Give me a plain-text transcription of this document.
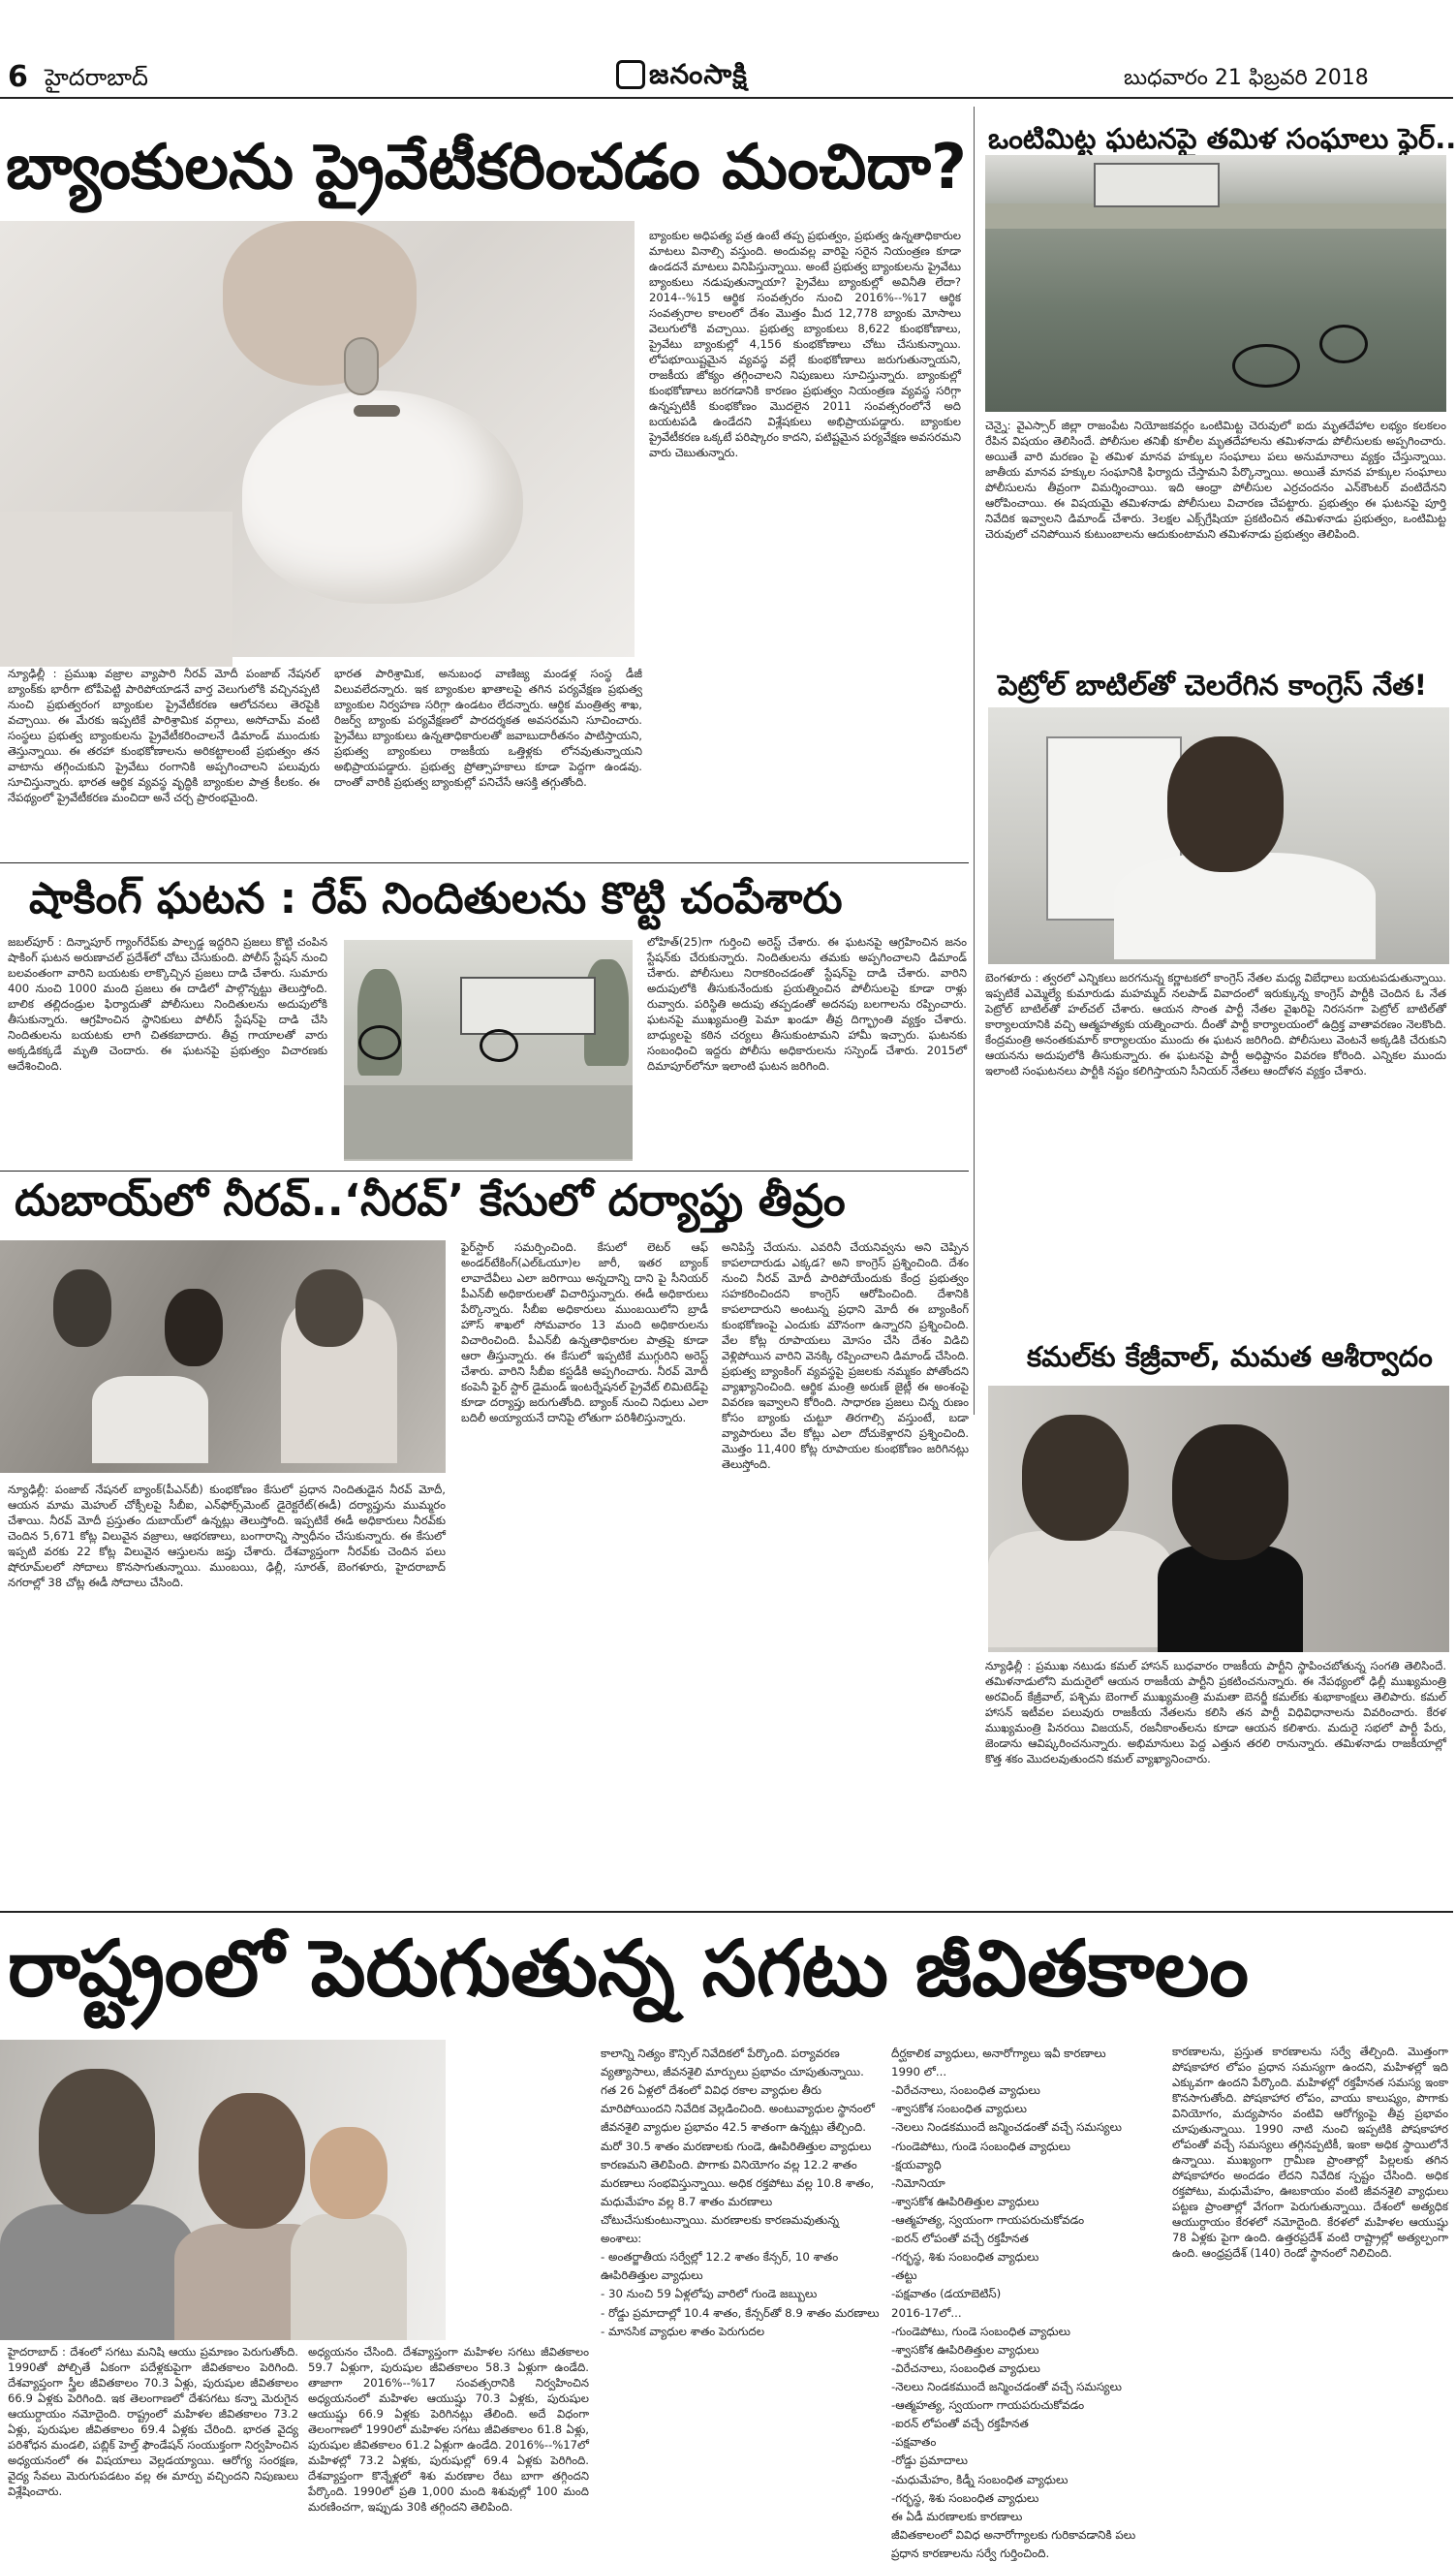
6 హైదరాబాద్	జనంసాక్షి	బుధవారం 21 ఫిబ్రవరి 2018
బ్యాంకులను ప్రైవేటీకరించడం మంచిదా?
బ్యాంకుల అధిపత్య పత్ర ఉంటే తప్ప ప్రభుత్వం, ప్రభుత్వ ఉన్నతాధికారుల మాటలు వినాల్సి వస్తుంది. అందువల్ల వారిపై సరైన నియంత్రణ కూడా ఉండదనే మాటలు వినిపిస్తున్నాయి. అంటే ప్రభుత్వ బ్యాంకులను ప్రైవేటు బ్యాంకులు నడుపుతున్నాయా? ప్రైవేటు బ్యాంకుల్లో అవినీతి లేదా? 2014--%15 ఆర్థిక సంవత్సరం నుంచి 2016%--%17 ఆర్థిక సంవత్సరాల కాలంలో దేశం మొత్తం మీద 12,778 బ్యాంకు మోసాలు వెలుగులోకి వచ్చాయి. ప్రభుత్వ బ్యాంకులు 8,622 కుంభకోణాలు, ప్రైవేటు బ్యాంకుల్లో 4,156 కుంభకోణాలు చోటు చేసుకున్నాయి. లోపభూయిష్టమైన వ్యవస్థ వల్లే కుంభకోణాలు జరుగుతున్నాయని, రాజకీయ జోక్యం తగ్గించాలని నిపుణులు సూచిస్తున్నారు. బ్యాంకుల్లో కుంభకోణాలు జరగడానికి కారణం ప్రభుత్వం నియంత్రణ వ్యవస్థ సరిగ్గా ఉన్నప్పటికీ కుంభకోణం మొదలైన 2011 సంవత్సరంలోనే అది బయటపడి ఉండేదని విశ్లేషకులు అభిప్రాయపడ్డారు. బ్యాంకుల ప్రైవేటీకరణ ఒక్కటే పరిష్కారం కాదని, పటిష్టమైన పర్యవేక్షణ అవసరమని వారు చెబుతున్నారు.
న్యూఢిల్లీ : ప్రముఖ వజ్రాల వ్యాపారి నీరవ్ మోదీ పంజాబ్ నేషనల్ బ్యాంక్‌కు భారీగా టోపీపెట్టి పారిపోయాడనే వార్త వెలుగులోకి వచ్చినప్పటి నుంచి ప్రభుత్వరంగ బ్యాంకుల ప్రైవేటీకరణ ఆలోచనలు తెరపైకి వచ్చాయి. ఈ మేరకు ఇప్పటికే పారిశ్రామిక వర్గాలు, అసోచామ్ వంటి సంస్థలు ప్రభుత్వ బ్యాంకులను ప్రైవేటీకరించాలనే డిమాండ్ ముందుకు తెస్తున్నాయి. ఈ తరహా కుంభకోణాలను అరికట్టాలంటే ప్రభుత్వం తన వాటాను తగ్గించుకుని ప్రైవేటు రంగానికి అప్పగించాలని పలువురు సూచిస్తున్నారు. భారత ఆర్థిక వ్యవస్థ వృద్ధికి బ్యాంకుల పాత్ర కీలకం. ఈ నేపథ్యంలో ప్రైవేటీకరణ మంచిదా అనే చర్చ ప్రారంభమైంది.
భారత పారిశ్రామిక, అనుబంధ వాణిజ్య మండళ్ల సంస్థ డీజీ విలువలేదన్నారు. ఇక బ్యాంకుల ఖాతాలపై తగిన పర్యవేక్షణ ప్రభుత్వ బ్యాంకుల నిర్వహణ సరిగ్గా ఉండటం లేదన్నారు. ఆర్థిక మంత్రిత్వ శాఖ, రిజర్వ్ బ్యాంకు పర్యవేక్షణలో పారదర్శకత అవసరమని సూచించారు. ప్రైవేటు బ్యాంకులు ఉన్నతాధికారులతో జవాబుదారీతనం పాటిస్తాయని, ప్రభుత్వ బ్యాంకులు రాజకీయ ఒత్తిళ్లకు లోనవుతున్నాయని అభిప్రాయపడ్డారు. ప్రభుత్వ ప్రోత్సాహకాలు కూడా పెద్దగా ఉండవు. దాంతో వారికి ప్రభుత్వ బ్యాంకుల్లో పనిచేసే ఆసక్తి తగ్గుతోంది.
ఒంటిమిట్ట ఘటనపై తమిళ సంఘాలు ఫైర్..
చెన్నై: వైఎస్సార్ జిల్లా రాజంపేట నియోజకవర్గం ఒంటిమిట్ట చెరువులో ఐదు మృతదేహాల లభ్యం కలకలం రేపిన విషయం తెలిసిందే. పోలీసుల తనిఖీ కూలీల మృతదేహాలను తమిళనాడు పోలీసులకు అప్పగించారు. అయితే వారి మరణం పై తమిళ మానవ హక్కుల సంఘాలు పలు అనుమానాలు వ్యక్తం చేస్తున్నాయి. జాతీయ మానవ హక్కుల సంఘానికి ఫిర్యాదు చేస్తామని పేర్కొన్నాయి. అయితే మానవ హక్కుల సంఘాలు పోలీసులను తీవ్రంగా విమర్శించాయి. ఇది ఆంధ్రా పోలీసుల ఎర్రచందనం ఎన్‌కౌంటర్ వంటిదేనని ఆరోపించాయి. ఈ విషయమై తమిళనాడు పోలీసులు విచారణ చేపట్టారు. ప్రభుత్వం ఈ ఘటనపై పూర్తి నివేదిక ఇవ్వాలని డిమాండ్ చేశారు. 3లక్షల ఎక్స్‌గ్రేషియా ప్రకటించిన తమిళనాడు ప్రభుత్వం, ఒంటిమిట్ట చెరువులో చనిపోయిన కుటుంబాలను ఆదుకుంటామని తమిళనాడు ప్రభుత్వం తెలిపింది.
పెట్రోల్ బాటిల్‌తో చెలరేగిన కాంగ్రెస్ నేత!
బెంగళూరు : త్వరలో ఎన్నికలు జరగనున్న కర్ణాటకలో కాంగ్రెస్ నేతల మధ్య విబేధాలు బయటపడుతున్నాయి. ఇప్పటికే ఎమ్మెల్యే కుమారుడు మహమ్మద్ నలపాడ్ వివాదంలో ఇరుక్కున్న కాంగ్రెస్ పార్టీకి చెందిన ఓ నేత పెట్రోల్ బాటిల్‌తో హల్‌చల్ చేశారు. ఆయన సొంత పార్టీ నేతల వైఖరిపై నిరసనగా పెట్రోల్ బాటిల్‌తో కార్యాలయానికి వచ్చి ఆత్మహత్యకు యత్నించారు. దీంతో పార్టీ కార్యాలయంలో ఉద్రిక్త వాతావరణం నెలకొంది. కేంద్రమంత్రి అనంతకుమార్ కార్యాలయం ముందు ఈ ఘటన జరిగింది. పోలీసులు వెంటనే అక్కడికి చేరుకుని ఆయనను అదుపులోకి తీసుకున్నారు. ఈ ఘటనపై పార్టీ అధిష్టానం వివరణ కోరింది. ఎన్నికల ముందు ఇలాంటి సంఘటనలు పార్టీకి నష్టం కలిగిస్తాయని సీనియర్ నేతలు ఆందోళన వ్యక్తం చేశారు.
షాకింగ్ ఘటన : రేప్ నిందితులను కొట్టి చంపేశారు
జబల్‌పూర్ : దిన్నాపూర్ గ్యాంగ్‌రేప్‌కు పాల్పడ్డ ఇద్దరిని ప్రజలు కొట్టి చంపిన షాకింగ్ ఘటన అరుణాచల్ ప్రదేశ్‌లో చోటు చేసుకుంది. పోలీస్ స్టేషన్ నుంచి బలవంతంగా వారిని బయటకు లాక్కొచ్చిన ప్రజలు దాడి చేశారు. సుమారు 400 నుంచి 1000 మంది ప్రజలు ఈ దాడిలో పాల్గొన్నట్టు తెలుస్తోంది. బాలిక తల్లిదండ్రుల ఫిర్యాదుతో పోలీసులు నిందితులను అదుపులోకి తీసుకున్నారు. ఆగ్రహించిన స్థానికులు పోలీస్ స్టేషన్‌పై దాడి చేసి నిందితులను బయటకు లాగి చితకబాదారు. తీవ్ర గాయాలతో వారు అక్కడికక్కడే మృతి చెందారు. ఈ ఘటనపై ప్రభుత్వం విచారణకు ఆదేశించింది.
లోహిత్(25)గా గుర్తించి అరెస్ట్ చేశారు. ఈ ఘటనపై ఆగ్రహించిన జనం స్టేషన్‌కు చేరుకున్నారు. నిందితులను తమకు అప్పగించాలని డిమాండ్ చేశారు. పోలీసులు నిరాకరించడంతో స్టేషన్‌పై దాడి చేశారు. వారిని అదుపులోకి తీసుకునేందుకు ప్రయత్నించిన పోలీసులపై కూడా రాళ్లు రువ్వారు. పరిస్థితి అదుపు తప్పడంతో అదనపు బలగాలను రప్పించారు. ఘటనపై ముఖ్యమంత్రి పెమా ఖండూ తీవ్ర దిగ్భ్రాంతి వ్యక్తం చేశారు. బాధ్యులపై కఠిన చర్యలు తీసుకుంటామని హామీ ఇచ్చారు. ఘటనకు సంబంధించి ఇద్దరు పోలీసు అధికారులను సస్పెండ్ చేశారు. 2015లో దిమాపూర్‌లోనూ ఇలాంటి ఘటన జరిగింది.
దుబాయ్‌లో నీరవ్..‘నీరవ్’ కేసులో దర్యాప్తు తీవ్రం
న్యూఢిల్లీ: పంజాబ్ నేషనల్ బ్యాంక్(పీఎన్‌బీ) కుంభకోణం కేసులో ప్రధాన నిందితుడైన నీరవ్ మోదీ, ఆయన మామ మెహుల్ చోక్సీలపై సీబీఐ, ఎన్‌ఫోర్స్‌మెంట్ డైరెక్టరేట్(ఈడీ) దర్యాప్తును ముమ్మరం చేశాయి. నీరవ్ మోదీ ప్రస్తుతం దుబాయ్‌లో ఉన్నట్లు తెలుస్తోంది. ఇప్పటికే ఈడీ అధికారులు నీరవ్‌కు చెందిన 5,671 కోట్ల విలువైన వజ్రాలు, ఆభరణాలు, బంగారాన్ని స్వాధీనం చేసుకున్నారు. ఈ కేసులో ఇప్పటి వరకు 22 కోట్ల విలువైన ఆస్తులను జప్తు చేశారు. దేశవ్యాప్తంగా నీరవ్‌కు చెందిన పలు షోరూమ్‌లలో సోదాలు కొనసాగుతున్నాయి. ముంబయి, ఢిల్లీ, సూరత్, బెంగళూరు, హైదరాబాద్ నగరాల్లో 38 చోట్ల ఈడీ సోదాలు చేసింది.
ఫైర్‌స్టార్ సమర్పించింది. కేసులో లెటర్ ఆఫ్ అండర్‌టేకింగ్(ఎల్‌ఓయూ)ల జారీ, ఇతర బ్యాంక్ లావాదేవీలు ఎలా జరిగాయి అన్నదాన్ని దాని పై సీనియర్ పీఎన్‌బీ అధికారులతో విచారిస్తున్నారు. ఈడీ అధికారులు పేర్కొన్నారు. సీబీఐ అధికారులు ముంబయిలోని బ్రాడీ హౌస్ శాఖలో సోమవారం 13 మంది అధికారులను విచారించింది. పీఎన్‌బీ ఉన్నతాధికారుల పాత్రపై కూడా ఆరా తీస్తున్నారు. ఈ కేసులో ఇప్పటికే ముగ్గురిని అరెస్ట్ చేశారు. వారిని సీబీఐ కస్టడీకి అప్పగించారు. నీరవ్ మోదీ కంపెనీ ఫైర్ స్టార్ డైమండ్ ఇంటర్నేషనల్ ప్రైవేట్ లిమిటెడ్‌పై కూడా దర్యాప్తు జరుగుతోంది. బ్యాంక్ నుంచి నిధులు ఎలా బదిలీ అయ్యాయనే దానిపై లోతుగా పరిశీలిస్తున్నారు.
అనిపిస్తే చేయను. ఎవరినీ చేయనివ్వను అని చెప్పిన కాపలాదారుడు ఎక్కడ? అని కాంగ్రెస్ ప్రశ్నించింది. దేశం నుంచి నీరవ్ మోదీ పారిపోయేందుకు కేంద్ర ప్రభుత్వం సహకరించిందని కాంగ్రెస్ ఆరోపించింది. దేశానికి కాపలాదారుని అంటున్న ప్రధాని మోదీ ఈ బ్యాంకింగ్ కుంభకోణంపై ఎందుకు మౌనంగా ఉన్నారని ప్రశ్నించింది. వేల కోట్ల రూపాయలు మోసం చేసి దేశం విడిచి వెళ్లిపోయిన వారిని వెనక్కి రప్పించాలని డిమాండ్ చేసింది. ప్రభుత్వ బ్యాంకింగ్ వ్యవస్థపై ప్రజలకు నమ్మకం పోతోందని వ్యాఖ్యానించింది. ఆర్థిక మంత్రి అరుణ్ జైట్లీ ఈ అంశంపై వివరణ ఇవ్వాలని కోరింది. సాధారణ ప్రజలు చిన్న రుణం కోసం బ్యాంకు చుట్టూ తిరగాల్సి వస్తుంటే, బడా వ్యాపారులు వేల కోట్లు ఎలా దోచుకెళ్లారని ప్రశ్నించింది. మొత్తం 11,400 కోట్ల రూపాయల కుంభకోణం జరిగినట్లు తెలుస్తోంది.
కమల్‌కు కేజ్రీవాల్, మమత ఆశీర్వాదం
న్యూఢిల్లీ : ప్రముఖ నటుడు కమల్ హాసన్ బుధవారం రాజకీయ పార్టీని స్థాపించబోతున్న సంగతి తెలిసిందే. తమిళనాడులోని మదురైలో ఆయన రాజకీయ పార్టీని ప్రకటించనున్నారు. ఈ నేపథ్యంలో ఢిల్లీ ముఖ్యమంత్రి అరవింద్ కేజ్రీవాల్, పశ్చిమ బెంగాల్ ముఖ్యమంత్రి మమతా బెనర్జీ కమల్‌కు శుభాకాంక్షలు తెలిపారు. కమల్ హాసన్ ఇటీవల పలువురు రాజకీయ నేతలను కలిసి తన పార్టీ విధివిధానాలను వివరించారు. కేరళ ముఖ్యమంత్రి పినరయి విజయన్, రజనీకాంత్‌లను కూడా ఆయన కలిశారు. మదురై సభలో పార్టీ పేరు, జెండాను ఆవిష్కరించనున్నారు. అభిమానులు పెద్ద ఎత్తున తరలి రానున్నారు. తమిళనాడు రాజకీయాల్లో కొత్త శకం మొదలవుతుందని కమల్ వ్యాఖ్యానించారు.
రాష్ట్రంలో పెరుగుతున్న సగటు జీవితకాలం
హైదరాబాద్ : దేశంలో సగటు మనిషి ఆయు ప్రమాణం పెరుగుతోంది. 1990తో పోల్చితే ఏకంగా పదేళ్లకుపైగా జీవితకాలం పెరిగింది. దేశవ్యాప్తంగా స్త్రీల జీవితకాలం 70.3 ఏళ్లు, పురుషుల జీవితకాలం 66.9 ఏళ్లకు పెరిగింది. ఇక తెలంగాణలో దేశసగటు కన్నా మెరుగైన ఆయుర్దాయం నమోదైంది. రాష్ట్రంలో మహిళల జీవితకాలం 73.2 ఏళ్లు, పురుషుల జీవితకాలం 69.4 ఏళ్లకు చేరింది. భారత వైద్య పరిశోధన మండలి, పబ్లిక్ హెల్త్ ఫౌండేషన్ సంయుక్తంగా నిర్వహించిన అధ్యయనంలో ఈ విషయాలు వెల్లడయ్యాయి. ఆరోగ్య సంరక్షణ, వైద్య సేవలు మెరుగుపడటం వల్ల ఈ మార్పు వచ్చిందని నిపుణులు విశ్లేషించారు.
అధ్యయనం చేసింది. దేశవ్యాప్తంగా మహిళల సగటు జీవితకాలం 59.7 ఏళ్లుగా, పురుషుల జీవితకాలం 58.3 ఏళ్లుగా ఉండేది. తాజాగా 2016%--%17 సంవత్సరానికి నిర్వహించిన అధ్యయనంలో మహిళల ఆయుష్షు 70.3 ఏళ్లకు, పురుషుల ఆయుష్షు 66.9 ఏళ్లకు పెరిగినట్లు తేలింది. అదే విధంగా తెలంగాణలో 1990లో మహిళల సగటు జీవితకాలం 61.8 ఏళ్లు, పురుషుల జీవితకాలం 61.2 ఏళ్లుగా ఉండేది. 2016%--%17లో మహిళల్లో 73.2 ఏళ్లకు, పురుషుల్లో 69.4 ఏళ్లకు పెరిగింది. దేశవ్యాప్తంగా కొన్నేళ్లలో శిశు మరణాల రేటు బాగా తగ్గిందని పేర్కొంది. 1990లో ప్రతి 1,000 మంది శిశువుల్లో 100 మంది మరణించగా, ఇప్పుడు 30కి తగ్గిందని తెలిపింది.
కాలాన్ని నిత్యం కౌన్సిల్ నివేదికలో పేర్కొంది. పర్యావరణ వ్యత్యాసాలు, జీవనశైలి మార్పులు ప్రభావం చూపుతున్నాయి. గత 26 ఏళ్లలో దేశంలో వివిధ రకాల వ్యాధుల తీరు మారిపోయిందని నివేదిక వెల్లడించింది. అంటువ్యాధుల స్థానంలో జీవనశైలి వ్యాధుల ప్రభావం 42.5 శాతంగా ఉన్నట్లు తేల్చింది. మరో 30.5 శాతం మరణాలకు గుండె, ఊపిరితిత్తుల వ్యాధులు కారణమని తెలిపింది. పొగాకు వినియోగం వల్ల 12.2 శాతం మరణాలు సంభవిస్తున్నాయి. అధిక రక్తపోటు వల్ల 10.8 శాతం, మధుమేహం వల్ల 8.7 శాతం మరణాలు చోటుచేసుకుంటున్నాయి. మరణాలకు కారణమవుతున్న అంశాలు:
- అంతర్జాతీయ సర్వేల్లో 12.2 శాతం కేన్సర్, 10 శాతం ఊపిరితిత్తుల వ్యాధులు
- 30 నుంచి 59 ఏళ్లలోపు వారిలో గుండె జబ్బులు
- రోడ్డు ప్రమాదాల్లో 10.4 శాతం, కేన్సర్‌తో 8.9 శాతం మరణాలు
- మానసిక వ్యాధుల శాతం పెరుగుదల
దీర్ఘకాలిక వ్యాధులు, అనారోగ్యాలు ఇవీ కారణాలు
1990 లో...
-విరేచనాలు, సంబంధిత వ్యాధులు
-శ్వాసకోశ సంబంధిత వ్యాధులు
-నెలలు నిండకముందే జన్మించడంతో వచ్చే సమస్యలు
-గుండెపోటు, గుండె సంబంధిత వ్యాధులు
-క్షయవ్యాధి
-నిమోనియా
-శ్వాసకోశ ఊపిరితిత్తుల వ్యాధులు
-ఆత్మహత్య, స్వయంగా గాయపరుచుకోవడం
-ఐరన్ లోపంతో వచ్చే రక్తహీనత
-గర్భస్థ, శిశు సంబంధిత వ్యాధులు
-తట్టు
-పక్షవాతం (డయాబెటిస్)
2016-17లో...
-గుండెపోటు, గుండె సంబంధిత వ్యాధులు
-శ్వాసకోశ ఊపిరితిత్తుల వ్యాధులు
-విరేచనాలు, సంబంధిత వ్యాధులు
-నెలలు నిండకముందే జన్మించడంతో వచ్చే సమస్యలు
-ఆత్మహత్య, స్వయంగా గాయపరుచుకోవడం
-ఐరన్ లోపంతో వచ్చే రక్తహీనత
-పక్షవాతం
-రోడ్డు ప్రమాదాలు
-మధుమేహం, కిడ్నీ సంబంధిత వ్యాధులు
-గర్భస్థ, శిశు సంబంధిత వ్యాధులు
ఈ ఏడీ మరణాలకు కారణాలు
జీవితకాలంలో వివిధ అనారోగ్యాలకు గురికావడానికి పలు ప్రధాన కారణాలను సర్వే గుర్తించింది.
కారణాలను, ప్రస్తుత కారణాలను సర్వే తేల్చింది. మొత్తంగా పోషకాహార లోపం ప్రధాన సమస్యగా ఉందని, మహిళల్లో ఇది ఎక్కువగా ఉందని పేర్కొంది. మహిళల్లో రక్తహీనత సమస్య ఇంకా కొనసాగుతోంది. పోషకాహార లోపం, వాయు కాలుష్యం, పొగాకు వినియోగం, మద్యపానం వంటివి ఆరోగ్యంపై తీవ్ర ప్రభావం చూపుతున్నాయి. 1990 నాటి నుంచి ఇప్పటికి పోషకాహార లోపంతో వచ్చే సమస్యలు తగ్గినప్పటికీ, ఇంకా అధిక స్థాయిలోనే ఉన్నాయి. ముఖ్యంగా గ్రామీణ ప్రాంతాల్లో పిల్లలకు తగిన పోషకాహారం అందడం లేదని నివేదిక స్పష్టం చేసింది. అధిక రక్తపోటు, మధుమేహం, ఊబకాయం వంటి జీవనశైలి వ్యాధులు పట్టణ ప్రాంతాల్లో వేగంగా పెరుగుతున్నాయి. దేశంలో అత్యధిక ఆయుర్దాయం కేరళలో నమోదైంది. కేరళలో మహిళల ఆయుష్షు 78 ఏళ్లకు పైగా ఉంది. ఉత్తరప్రదేశ్ వంటి రాష్ట్రాల్లో అత్యల్పంగా ఉంది. ఆంధ్రప్రదేశ్ (140) రెండో స్థానంలో నిలిచింది.
